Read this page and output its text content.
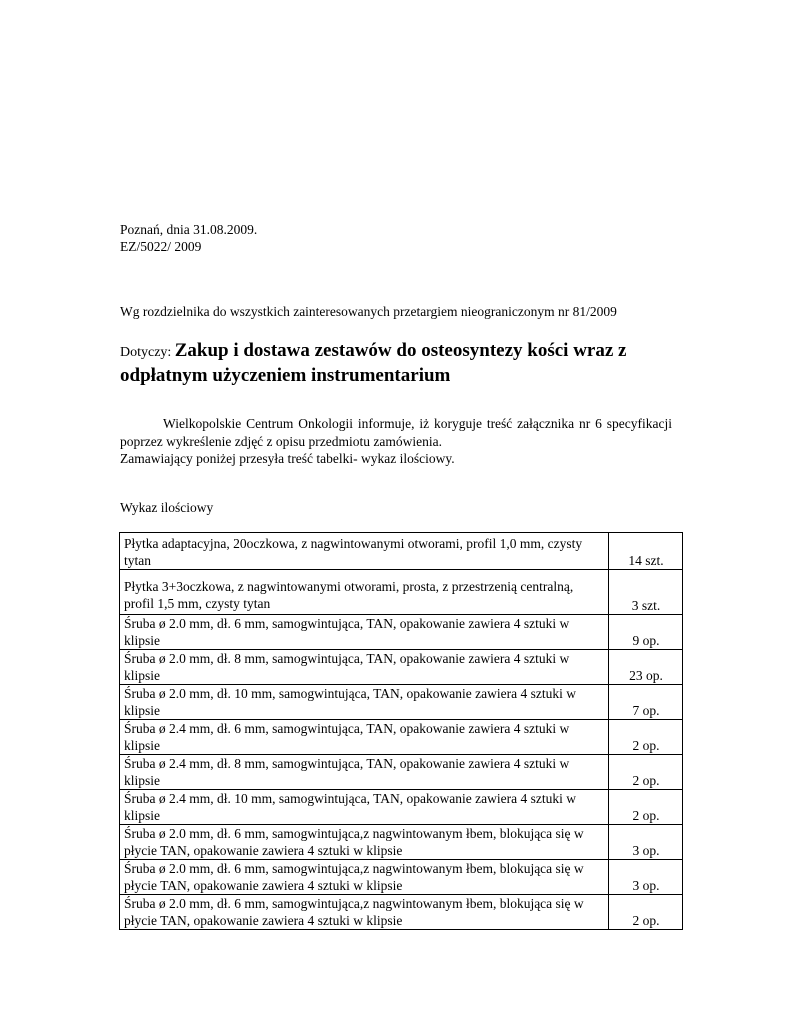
Poznań, dnia 31.08.2009.
EZ/5022/ 2009
Wg rozdzielnika do wszystkich zainteresowanych przetargiem nieograniczonym nr 81/2009
Dotyczy: Zakup i dostawa zestawów do osteosyntezy kości wraz z odpłatnym użyczeniem instrumentarium

Wielkopolskie Centrum Onkologii informuje, iż koryguje treść załącznika nr 6 specyfikacji poprzez wykreślenie zdjęć z opisu przedmiotu zamówienia.

Zamawiający poniżej przesyła treść tabelki- wykaz ilościowy.

Wykaz ilościowy
Płytka adaptacyjna, 20oczkowa, z nagwintowanymi otworami, profil 1,0 mm, czysty tytan	14 szt.
Płytka 3+3oczkowa, z nagwintowanymi otworami, prosta, z przestrzenią centralną, profil 1,5 mm, czysty tytan	3 szt.
Śruba ø 2.0 mm, dł. 6 mm, samogwintująca, TAN, opakowanie zawiera 4 sztuki w klipsie	9 op.
Śruba ø 2.0 mm, dł. 8 mm, samogwintująca, TAN, opakowanie zawiera 4 sztuki w klipsie	23 op.
Śruba ø 2.0 mm, dł. 10 mm, samogwintująca, TAN, opakowanie zawiera 4 sztuki w klipsie	7 op.
Śruba ø 2.4 mm, dł. 6 mm, samogwintująca, TAN, opakowanie zawiera 4 sztuki w klipsie	2 op.
Śruba ø 2.4 mm, dł. 8 mm, samogwintująca, TAN, opakowanie zawiera 4 sztuki w klipsie	2 op.
Śruba ø 2.4 mm, dł. 10 mm, samogwintująca, TAN, opakowanie zawiera 4 sztuki w klipsie	2 op.
Śruba ø 2.0 mm, dł. 6 mm, samogwintująca,z nagwintowanym łbem, blokująca się w płycie TAN, opakowanie zawiera 4 sztuki w klipsie	3 op.
Śruba ø 2.0 mm, dł. 6 mm, samogwintująca,z nagwintowanym łbem, blokująca się w płycie TAN, opakowanie zawiera 4 sztuki w klipsie	3 op.
Śruba ø 2.0 mm, dł. 6 mm, samogwintująca,z nagwintowanym łbem, blokująca się w płycie TAN, opakowanie zawiera 4 sztuki w klipsie	2 op.
